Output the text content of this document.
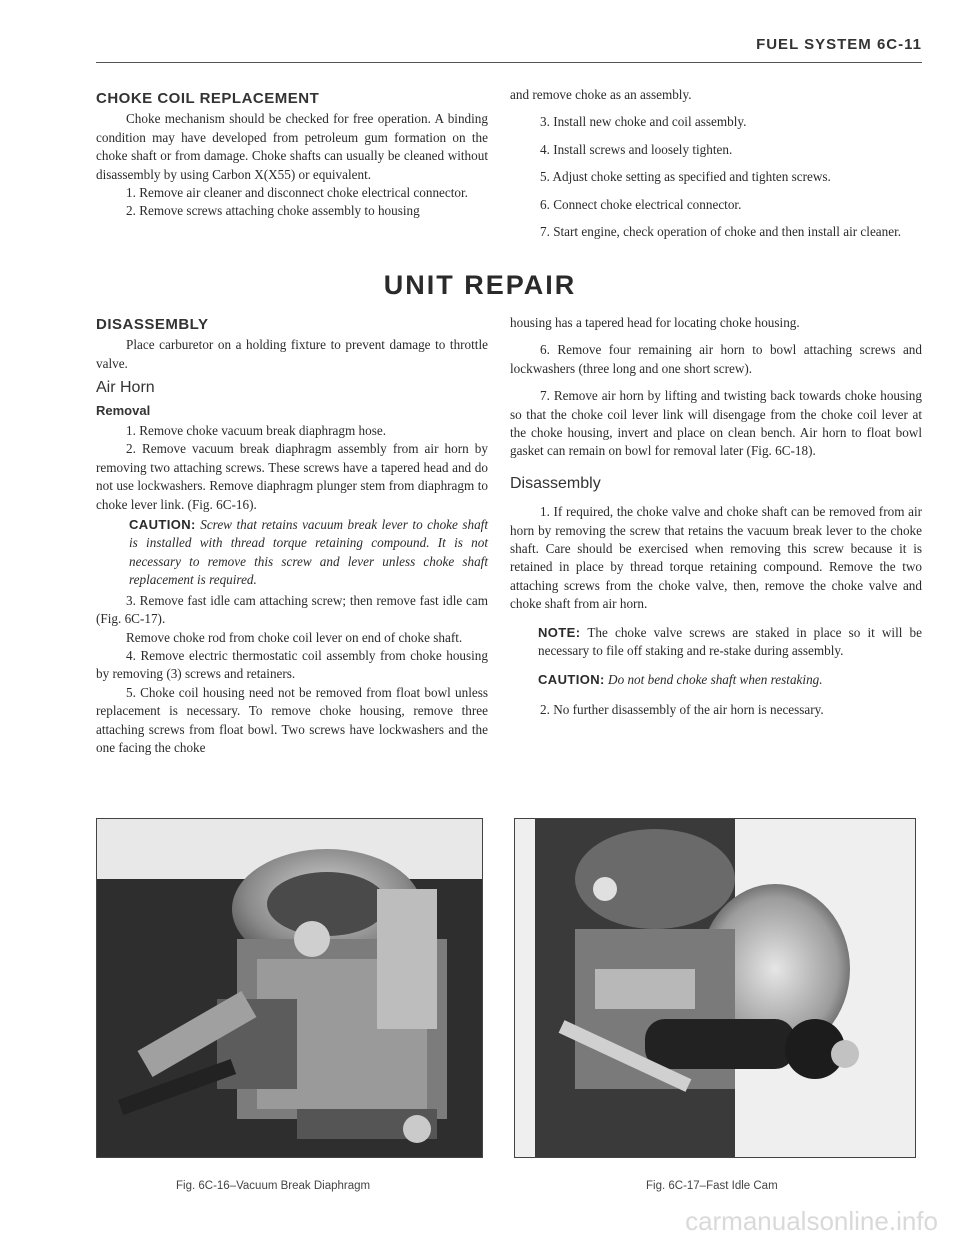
FUEL SYSTEM 6C-11
CHOKE COIL REPLACEMENT

Choke mechanism should be checked for free operation. A binding condition may have developed from petroleum gum formation on the choke shaft or from damage. Choke shafts can usually be cleaned without disassembly by using Carbon X(X55) or equivalent.

1. Remove air cleaner and disconnect choke electrical connector.

2. Remove screws attaching choke assembly to housing

and remove choke as an assembly.

3. Install new choke and coil assembly.

4. Install screws and loosely tighten.

5. Adjust choke setting as specified and tighten screws.

6. Connect choke electrical connector.

7. Start engine, check operation of choke and then install air cleaner.

UNIT REPAIR
DISASSEMBLY

Place carburetor on a holding fixture to prevent damage to throttle valve.

Air Horn
Removal

1. Remove choke vacuum break diaphragm hose.

2. Remove vacuum break diaphragm assembly from air horn by removing two attaching screws. These screws have a tapered head and do not use lockwashers. Remove diaphragm plunger stem from diaphragm to choke lever link. (Fig. 6C-16).

CAUTION: Screw that retains vacuum break lever to choke shaft is installed with thread torque retaining compound. It is not necessary to remove this screw and lever unless choke shaft replacement is required.

3. Remove fast idle cam attaching screw; then remove fast idle cam (Fig. 6C-17).

Remove choke rod from choke coil lever on end of choke shaft.

4. Remove electric thermostatic coil assembly from choke housing by removing (3) screws and retainers.

5. Choke coil housing need not be removed from float bowl unless replacement is necessary. To remove choke housing, remove three attaching screws from float bowl. Two screws have lockwashers and the one facing the choke

housing has a tapered head for locating choke housing.

6. Remove four remaining air horn to bowl attaching screws and lockwashers (three long and one short screw).

7. Remove air horn by lifting and twisting back towards choke housing so that the choke coil lever link will disengage from the choke coil lever at the choke housing, invert and place on clean bench. Air horn to float bowl gasket can remain on bowl for removal later (Fig. 6C-18).

Disassembly

1. If required, the choke valve and choke shaft can be removed from air horn by removing the screw that retains the vacuum break lever to the choke shaft. Care should be exercised when removing this screw because it is retained in place by thread torque retaining compound. Remove the two attaching screws from the choke valve, then, remove the choke valve and choke shaft from air horn.

NOTE: The choke valve screws are staked in place so it will be necessary to file off staking and re-stake during assembly.

CAUTION: Do not bend choke shaft when restaking.

2. No further disassembly of the air horn is necessary.

Fig. 6C-16–Vacuum Break Diaphragm	Fig. 6C-17–Fast Idle Cam
carmanualsonline.info
